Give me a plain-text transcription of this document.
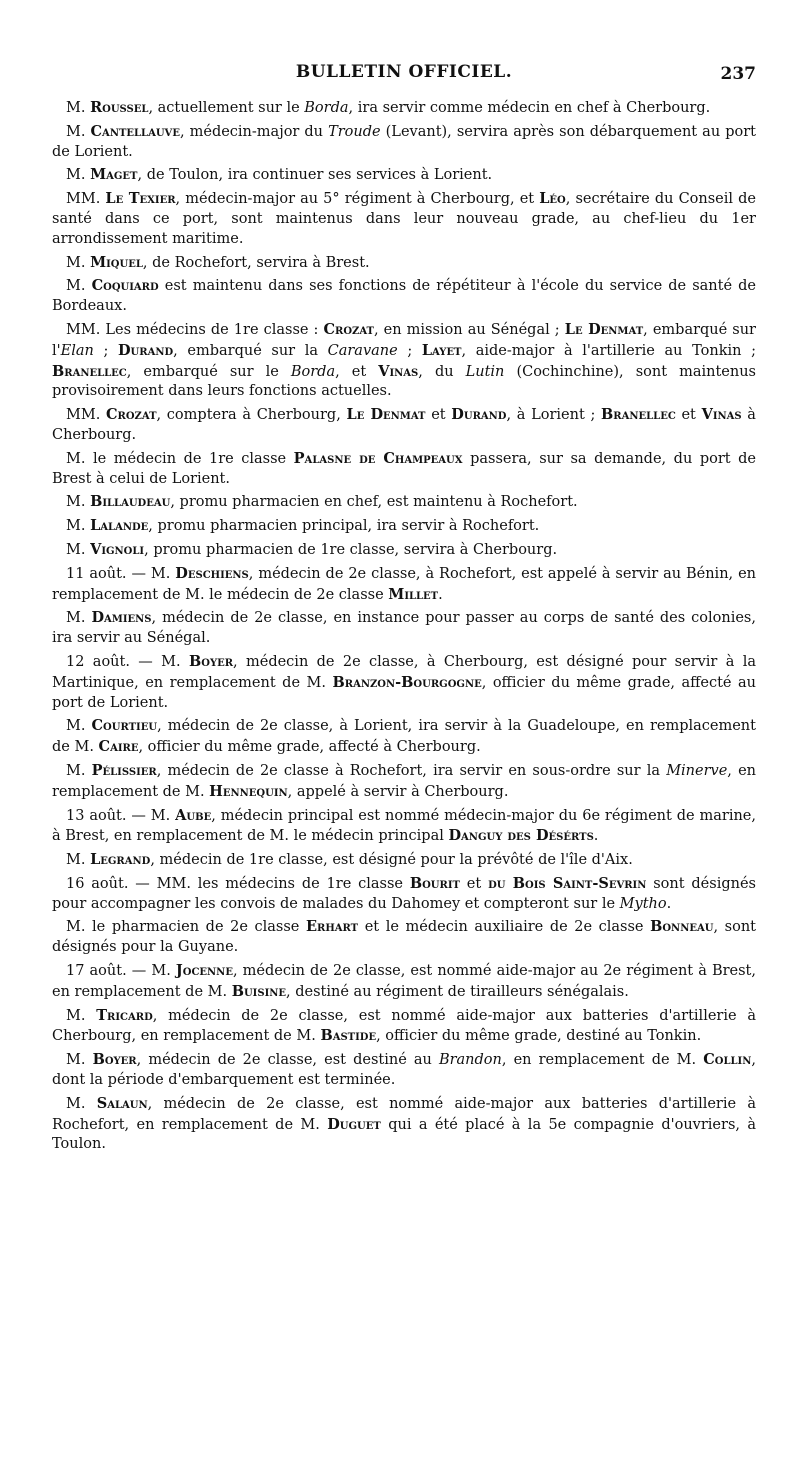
BULLETIN OFFICIEL.	237

M. Roussel, actuellement sur le Borda, ira servir comme médecin en chef à Cherbourg.

M. Cantellauve, médecin-major du Troude (Levant), servira après son débarquement au port de Lorient.

M. Maget, de Toulon, ira continuer ses services à Lorient.

MM. Le Texier, médecin-major au 5° régiment à Cherbourg, et Léo, secrétaire du Conseil de santé dans ce port, sont maintenus dans leur nouveau grade, au chef-lieu du 1er arrondissement maritime.

M. Miquel, de Rochefort, servira à Brest.

M. Coquiard est maintenu dans ses fonctions de répétiteur à l'école du service de santé de Bordeaux.

MM. Les médecins de 1re classe : Crozat, en mission au Sénégal ; Le Denmat, embarqué sur l'Elan ; Durand, embarqué sur la Caravane ; Layet, aide-major à l'artillerie au Tonkin ; Branellec, embarqué sur le Borda, et Vinas, du Lutin (Cochinchine), sont maintenus provisoirement dans leurs fonctions actuelles.

MM. Crozat, comptera à Cherbourg, Le Denmat et Durand, à Lorient ; Branellec et Vinas à Cherbourg.

M. le médecin de 1re classe Palasne de Champeaux passera, sur sa demande, du port de Brest à celui de Lorient.

M. Billaudeau, promu pharmacien en chef, est maintenu à Rochefort.

M. Lalande, promu pharmacien principal, ira servir à Rochefort.

M. Vignoli, promu pharmacien de 1re classe, servira à Cherbourg.

11 août. — M. Deschiens, médecin de 2e classe, à Rochefort, est appelé à servir au Bénin, en remplacement de M. le médecin de 2e classe Millet.

M. Damiens, médecin de 2e classe, en instance pour passer au corps de santé des colonies, ira servir au Sénégal.

12 août. — M. Boyer, médecin de 2e classe, à Cherbourg, est désigné pour servir à la Martinique, en remplacement de M. Branzon-Bourgogne, officier du même grade, affecté au port de Lorient.

M. Courtieu, médecin de 2e classe, à Lorient, ira servir à la Guadeloupe, en remplacement de M. Caire, officier du même grade, affecté à Cherbourg.

M. Pélissier, médecin de 2e classe à Rochefort, ira servir en sous-ordre sur la Minerve, en remplacement de M. Hennequin, appelé à servir à Cherbourg.

13 août. — M. Aube, médecin principal est nommé médecin-major du 6e régiment de marine, à Brest, en remplacement de M. le médecin principal Danguy des Désérts.

M. Legrand, médecin de 1re classe, est désigné pour la prévôté de l'île d'Aix.

16 août. — MM. les médecins de 1re classe Bourit et du Bois Saint-Sevrin sont désignés pour accompagner les convois de malades du Dahomey et compteront sur le Mytho.

M. le pharmacien de 2e classe Erhart et le médecin auxiliaire de 2e classe Bonneau, sont désignés pour la Guyane.

17 août. — M. Jocenne, médecin de 2e classe, est nommé aide-major au 2e régiment à Brest, en remplacement de M. Buisine, destiné au régiment de tirailleurs sénégalais.

M. Tricard, médecin de 2e classe, est nommé aide-major aux batteries d'artillerie à Cherbourg, en remplacement de M. Bastide, officier du même grade, destiné au Tonkin.

M. Boyer, médecin de 2e classe, est destiné au Brandon, en remplacement de M. Collin, dont la période d'embarquement est terminée.

M. Salaun, médecin de 2e classe, est nommé aide-major aux batteries d'artillerie à Rochefort, en remplacement de M. Duguet qui a été placé à la 5e compagnie d'ouvriers, à Toulon.
